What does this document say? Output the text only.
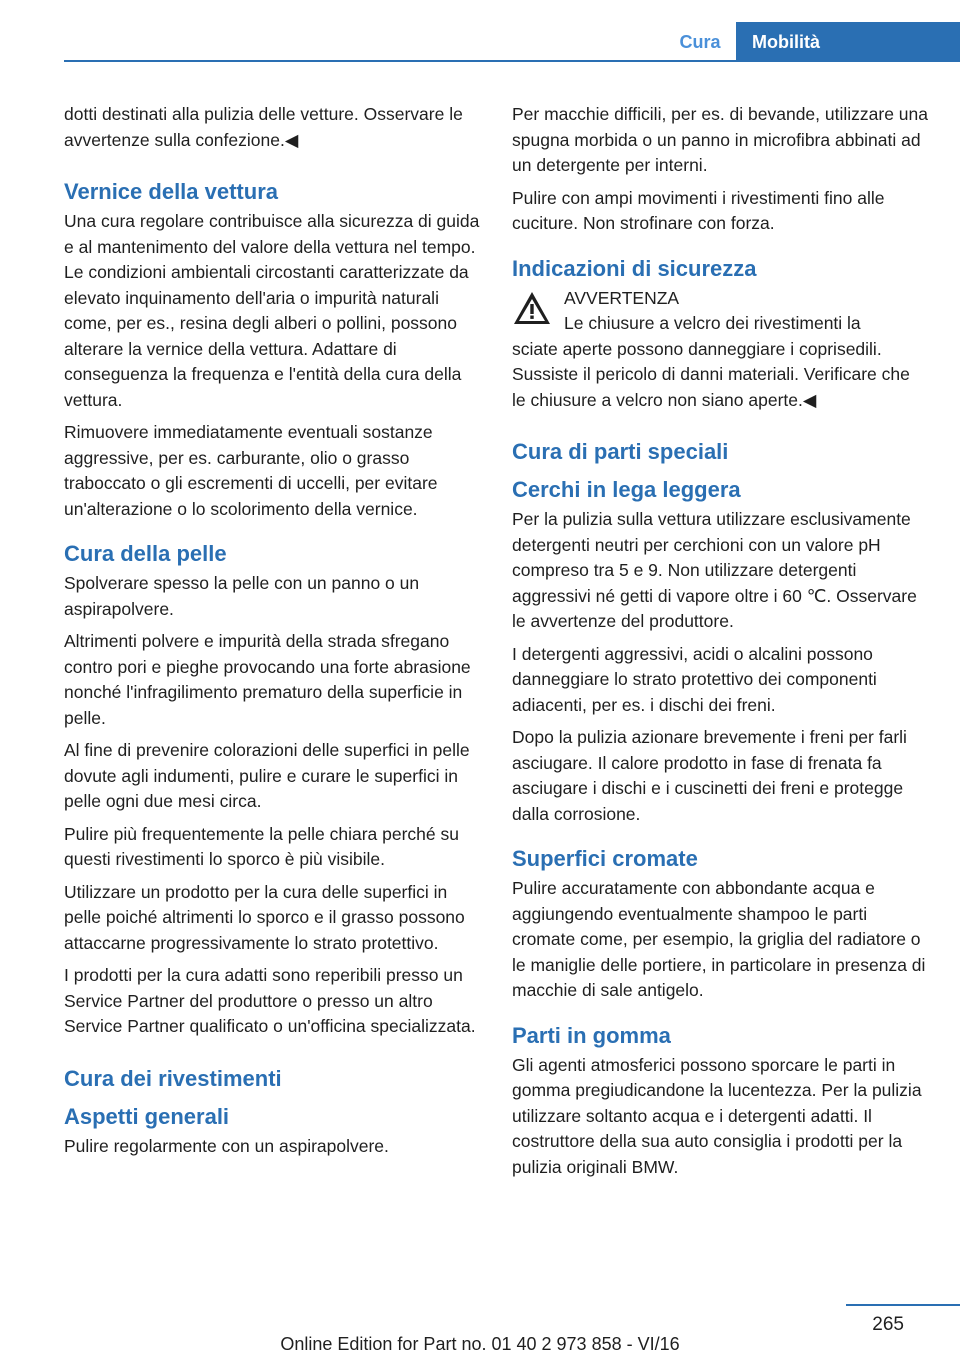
Cura	Mobilità

dotti destinati alla pulizia delle vetture. Osservare le avvertenze sulla confezione.◀

Vernice della vettura

Una cura regolare contribuisce alla sicurezza di guida e al mantenimento del valore della vettura nel tempo. Le condizioni ambientali circostanti caratterizzate da elevato inquinamento dell'aria o impurità naturali come, per es., resina degli alberi o pollini, possono alterare la vernice della vettura. Adattare di conseguenza la frequenza e l'entità della cura della vettura.

Rimuovere immediatamente eventuali sostanze aggressive, per es. carburante, olio o grasso traboccato o gli escrementi di uccelli, per evitare un'alterazione o lo scolorimento della vernice.

Cura della pelle

Spolverare spesso la pelle con un panno o un aspirapolvere.

Altrimenti polvere e impurità della strada sfregano contro pori e pieghe provocando una forte abrasione nonché l'infragilimento prematuro della superficie in pelle.

Al fine di prevenire colorazioni delle superfici in pelle dovute agli indumenti, pulire e curare le superfici in pelle ogni due mesi circa.

Pulire più frequentemente la pelle chiara perché su questi rivestimenti lo sporco è più visibile.

Utilizzare un prodotto per la cura delle superfici in pelle poiché altrimenti lo sporco e il grasso possono attaccarne progressivamente lo strato protettivo.

I prodotti per la cura adatti sono reperibili presso un Service Partner del produttore o presso un altro Service Partner qualificato o un'officina specializzata.

Cura dei rivestimenti
Aspetti generali

Pulire regolarmente con un aspirapolvere.

Per macchie difficili, per es. di bevande, utilizzare una spugna morbida o un panno in microfibra abbinati ad un detergente per interni.

Pulire con ampi movimenti i rivestimenti fino alle cuciture. Non strofinare con forza.

Indicazioni di sicurezza
AVVERTENZA
Le chiusure a velcro dei rivestimenti la
sciate aperte possono danneggiare i coprisedili. Sussiste il pericolo di danni materiali. Verificare che le chiusure a velcro non siano aperte.◀
Cura di parti speciali
Cerchi in lega leggera

Per la pulizia sulla vettura utilizzare esclusivamente detergenti neutri per cerchioni con un valore pH compreso tra 5 e 9. Non utilizzare detergenti aggressivi né getti di vapore oltre i 60 ℃. Osservare le avvertenze del produttore.

I detergenti aggressivi, acidi o alcalini possono danneggiare lo strato protettivo dei componenti adiacenti, per es. i dischi dei freni.

Dopo la pulizia azionare brevemente i freni per farli asciugare. Il calore prodotto in fase di frenata fa asciugare i dischi e i cuscinetti dei freni e protegge dalla corrosione.

Superfici cromate

Pulire accuratamente con abbondante acqua e aggiungendo eventualmente shampoo le parti cromate come, per esempio, la griglia del radiatore o le maniglie delle portiere, in particolare in presenza di macchie di sale antigelo.

Parti in gomma

Gli agenti atmosferici possono sporcare le parti in gomma pregiudicandone la lucentezza. Per la pulizia utilizzare soltanto acqua e i detergenti adatti. Il costruttore della sua auto consiglia i prodotti per la pulizia originali BMW.

265
Online Edition for Part no. 01 40 2 973 858 - VI/16
